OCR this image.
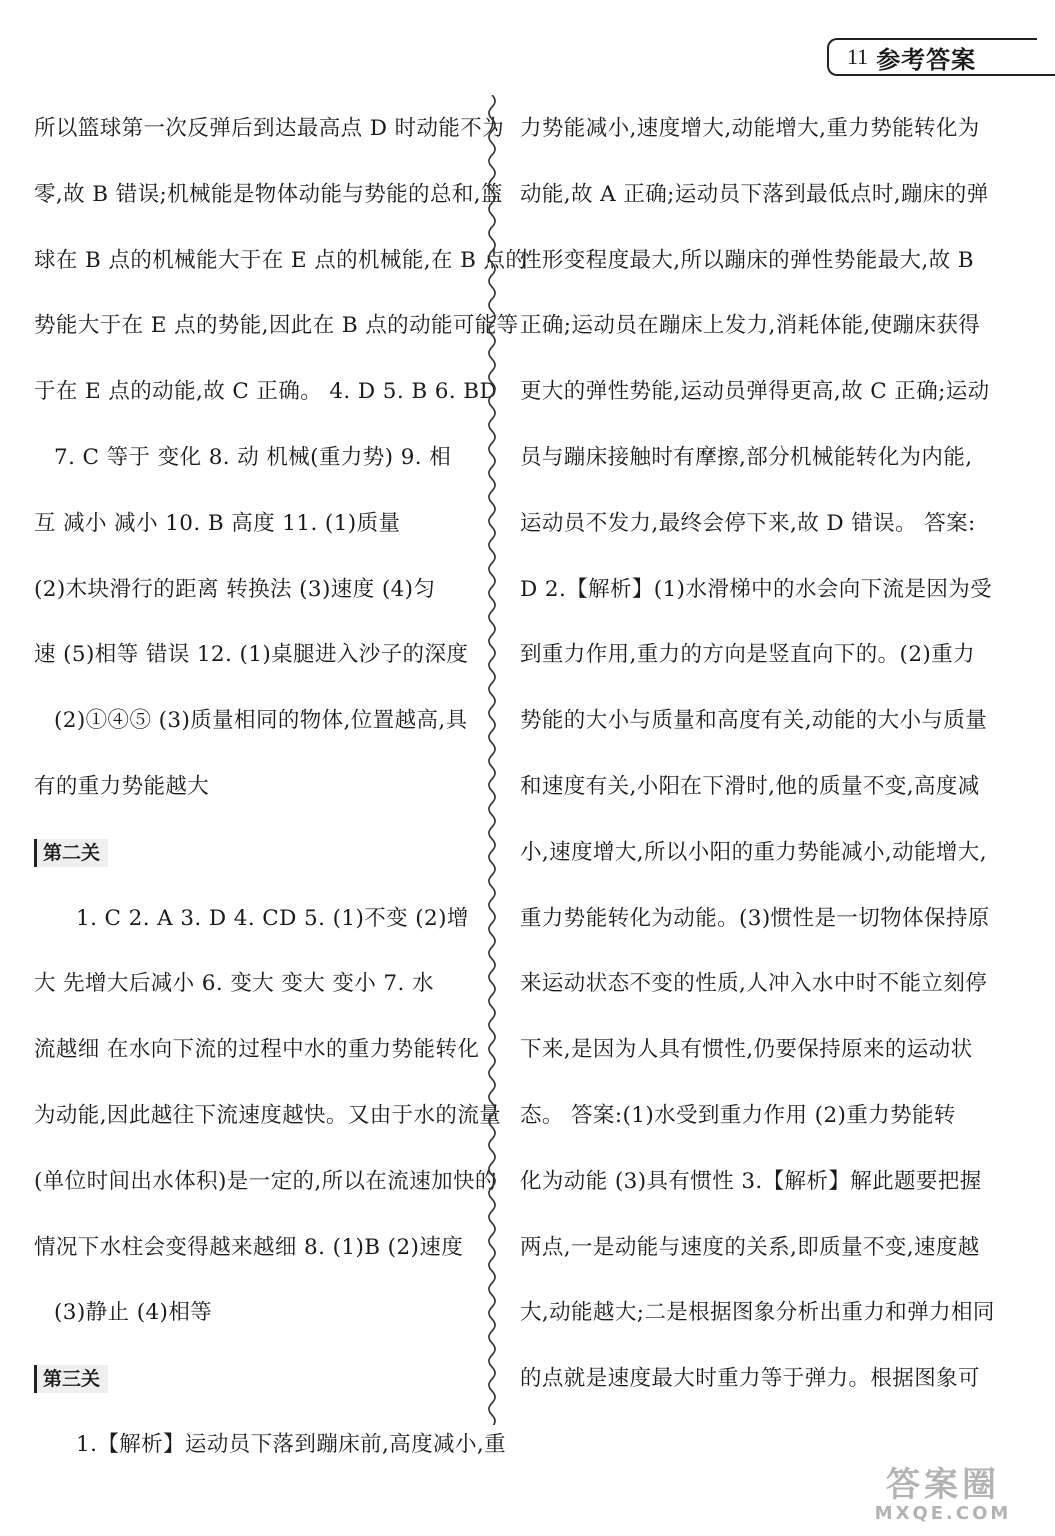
11 参考答案
所以篮球第一次反弹后到达最高点 D 时动能不为
零,故 B 错误;机械能是物体动能与势能的总和,篮
球在 B 点的机械能大于在 E 点的机械能,在 B 点的
势能大于在 E 点的势能,因此在 B 点的动能可能等
于在 E 点的动能,故 C 正确。 4. D 5. B 6. BD
7. C 等于 变化 8. 动 机械(重力势) 9. 相
互 减小 减小 10. B 高度 11. (1)质量
(2)木块滑行的距离 转换法 (3)速度 (4)匀
速 (5)相等 错误 12. (1)桌腿进入沙子的深度
(2)①④⑤ (3)质量相同的物体,位置越高,具
有的重力势能越大
第二关
1. C 2. A 3. D 4. CD 5. (1)不变 (2)增
大 先增大后减小 6. 变大 变大 变小 7. 水
流越细 在水向下流的过程中水的重力势能转化
为动能,因此越往下流速度越快。又由于水的流量
(单位时间出水体积)是一定的,所以在流速加快的
情况下水柱会变得越来越细 8. (1)B (2)速度
(3)静止 (4)相等
第三关
1.【解析】运动员下落到蹦床前,高度减小,重
力势能减小,速度增大,动能增大,重力势能转化为
动能,故 A 正确;运动员下落到最低点时,蹦床的弹
性形变程度最大,所以蹦床的弹性势能最大,故 B
正确;运动员在蹦床上发力,消耗体能,使蹦床获得
更大的弹性势能,运动员弹得更高,故 C 正确;运动
员与蹦床接触时有摩擦,部分机械能转化为内能,
运动员不发力,最终会停下来,故 D 错误。 答案:
D 2.【解析】(1)水滑梯中的水会向下流是因为受
到重力作用,重力的方向是竖直向下的。(2)重力
势能的大小与质量和高度有关,动能的大小与质量
和速度有关,小阳在下滑时,他的质量不变,高度减
小,速度增大,所以小阳的重力势能减小,动能增大,
重力势能转化为动能。(3)惯性是一切物体保持原
来运动状态不变的性质,人冲入水中时不能立刻停
下来,是因为人具有惯性,仍要保持原来的运动状
态。 答案:(1)水受到重力作用 (2)重力势能转
化为动能 (3)具有惯性 3.【解析】解此题要把握
两点,一是动能与速度的关系,即质量不变,速度越
大,动能越大;二是根据图象分析出重力和弹力相同
的点就是速度最大时重力等于弹力。根据图象可
答案圈
MXQE.COM
